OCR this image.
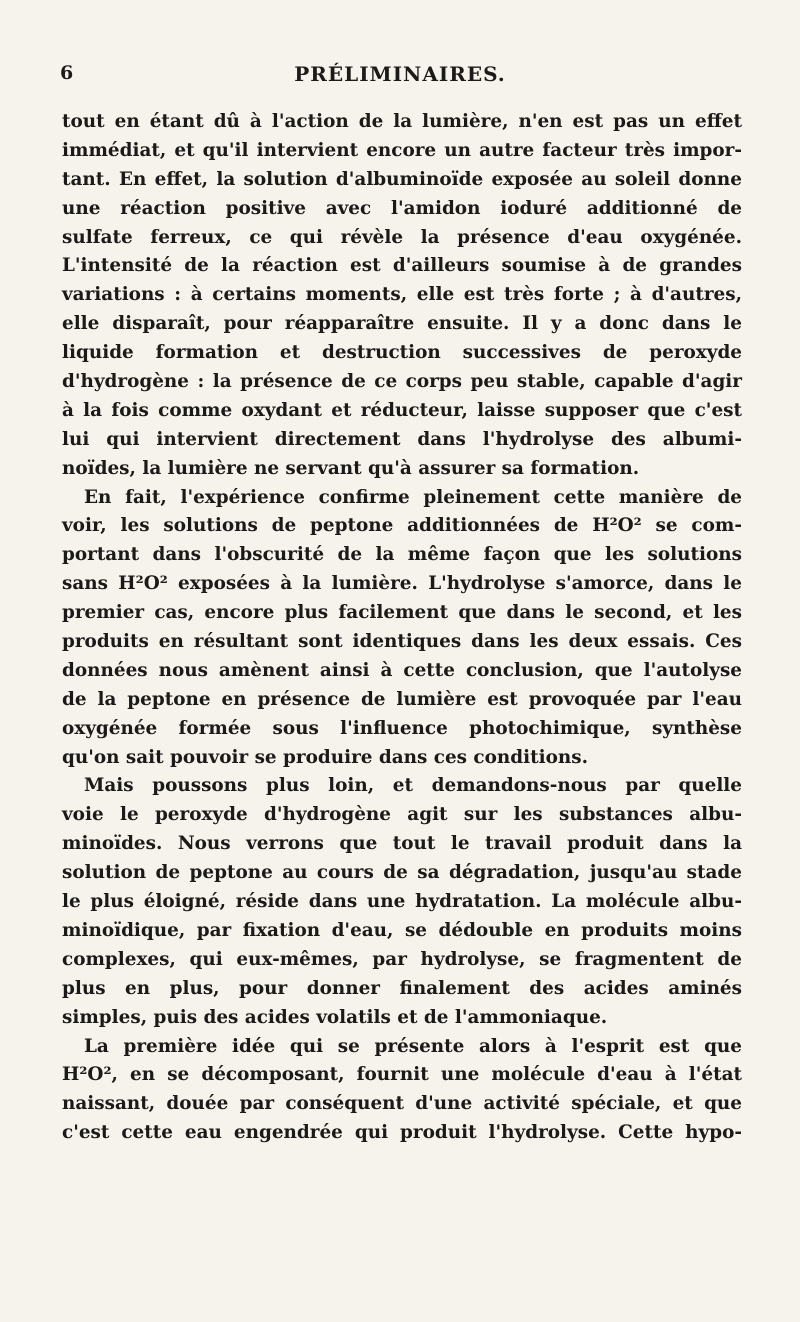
6	PRÉLIMINAIRES.
tout en étant dû à l'action de la lumière, n'en est pas un effet
immédiat, et qu'il intervient encore un autre facteur très impor-
tant. En effet, la solution d'albuminoïde exposée au soleil donne
une réaction positive avec l'amidon ioduré additionné de
sulfate ferreux, ce qui révèle la présence d'eau oxygénée.
L'intensité de la réaction est d'ailleurs soumise à de grandes
variations : à certains moments, elle est très forte ; à d'autres,
elle disparaît, pour réapparaître ensuite. Il y a donc dans le
liquide formation et destruction successives de peroxyde
d'hydrogène : la présence de ce corps peu stable, capable d'agir
à la fois comme oxydant et réducteur, laisse supposer que c'est
lui qui intervient directement dans l'hydrolyse des albumi-
noïdes, la lumière ne servant qu'à assurer sa formation.
En fait, l'expérience confirme pleinement cette manière de
voir, les solutions de peptone additionnées de H²O² se com-
portant dans l'obscurité de la même façon que les solutions
sans H²O² exposées à la lumière. L'hydrolyse s'amorce, dans le
premier cas, encore plus facilement que dans le second, et les
produits en résultant sont identiques dans les deux essais. Ces
données nous amènent ainsi à cette conclusion, que l'autolyse
de la peptone en présence de lumière est provoquée par l'eau
oxygénée formée sous l'influence photochimique, synthèse
qu'on sait pouvoir se produire dans ces conditions.
Mais poussons plus loin, et demandons-nous par quelle
voie le peroxyde d'hydrogène agit sur les substances albu-
minoïdes. Nous verrons que tout le travail produit dans la
solution de peptone au cours de sa dégradation, jusqu'au stade
le plus éloigné, réside dans une hydratation. La molécule albu-
minoïdique, par fixation d'eau, se dédouble en produits moins
complexes, qui eux-mêmes, par hydrolyse, se fragmentent de
plus en plus, pour donner finalement des acides aminés
simples, puis des acides volatils et de l'ammoniaque.
La première idée qui se présente alors à l'esprit est que
H²O², en se décomposant, fournit une molécule d'eau à l'état
naissant, douée par conséquent d'une activité spéciale, et que
c'est cette eau engendrée qui produit l'hydrolyse. Cette hypo-
